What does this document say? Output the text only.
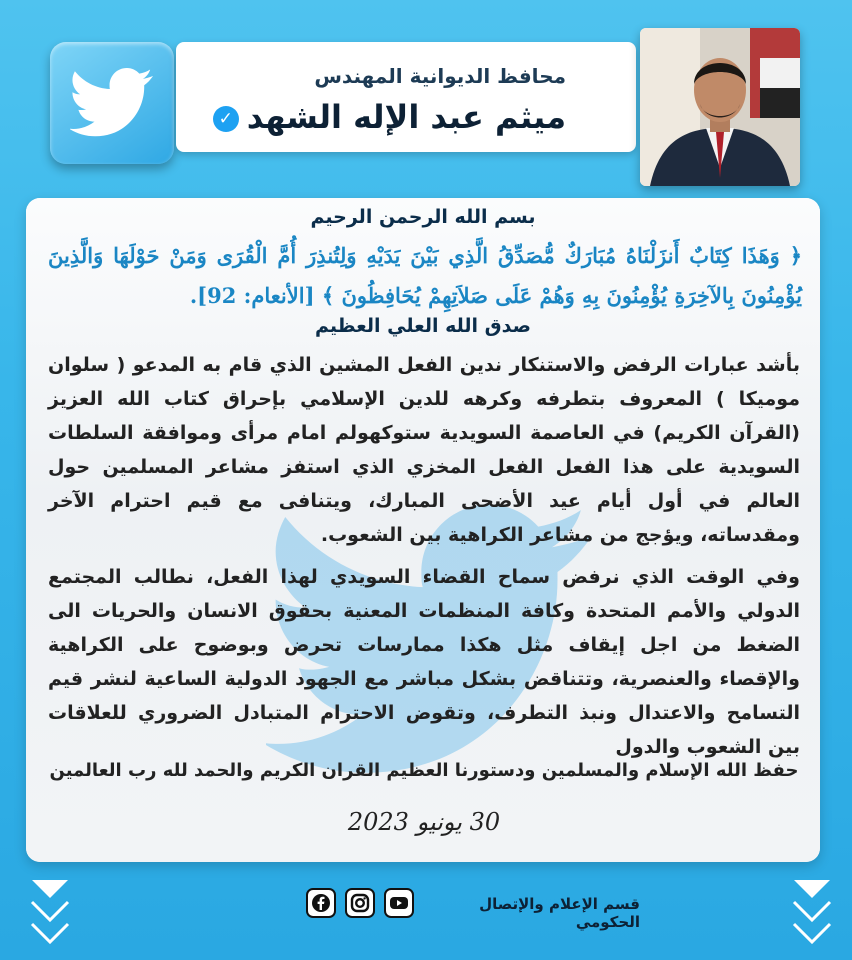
محافظ الديوانية المهندس
ميثم عبد الإله الشهد✓
بسم الله الرحمن الرحيم
﴿ وَهَذَا كِتَابٌ أَنزَلْنَاهُ مُبَارَكٌ مُّصَدِّقُ الَّذِي بَيْنَ يَدَيْهِ وَلِتُنذِرَ أُمَّ الْقُرَى وَمَنْ حَوْلَهَا وَالَّذِينَ يُؤْمِنُونَ بِالآخِرَةِ يُؤْمِنُونَ بِهِ وَهُمْ عَلَى صَلاَتِهِمْ يُحَافِظُونَ ﴾ [الأنعام: 92].
صدق الله العلي العظيم
بأشد عبارات الرفض والاستنكار ندين الفعل المشين الذي قام به المدعو ( سلوان موميكا ) المعروف بتطرفه وكرهه للدين الإسلامي بإحراق كتاب الله العزيز (القرآن الكريم) في العاصمة السويدية ستوكهولم امام مرأى وموافقة السلطات السويدية على هذا الفعل الفعل المخزي الذي استفز مشاعر المسلمين حول العالم في أول أيام عيد الأضحى المبارك، ويتنافى مع قيم احترام الآخر ومقدساته، ويؤجج من مشاعر الكراهية بين الشعوب.
وفي الوقت الذي نرفض سماح القضاء السويدي لهذا الفعل، نطالب المجتمع الدولي والأمم المتحدة وكافة المنظمات المعنية بحقوق الانسان والحريات الى الضغط من اجل إيقاف مثل هكذا ممارسات تحرض وبوضوح على الكراهية والإقصاء والعنصرية، وتتناقض بشكل مباشر مع الجهود الدولية الساعية لنشر قيم التسامح والاعتدال ونبذ التطرف، وتقوض الاحترام المتبادل الضروري للعلاقات بين الشعوب والدول
حفظ الله الإسلام والمسلمين ودستورنا العظيم القران الكريم والحمد لله رب العالمين
30 يونيو 2023
قسم الإعلام والإتصال الحكومي
